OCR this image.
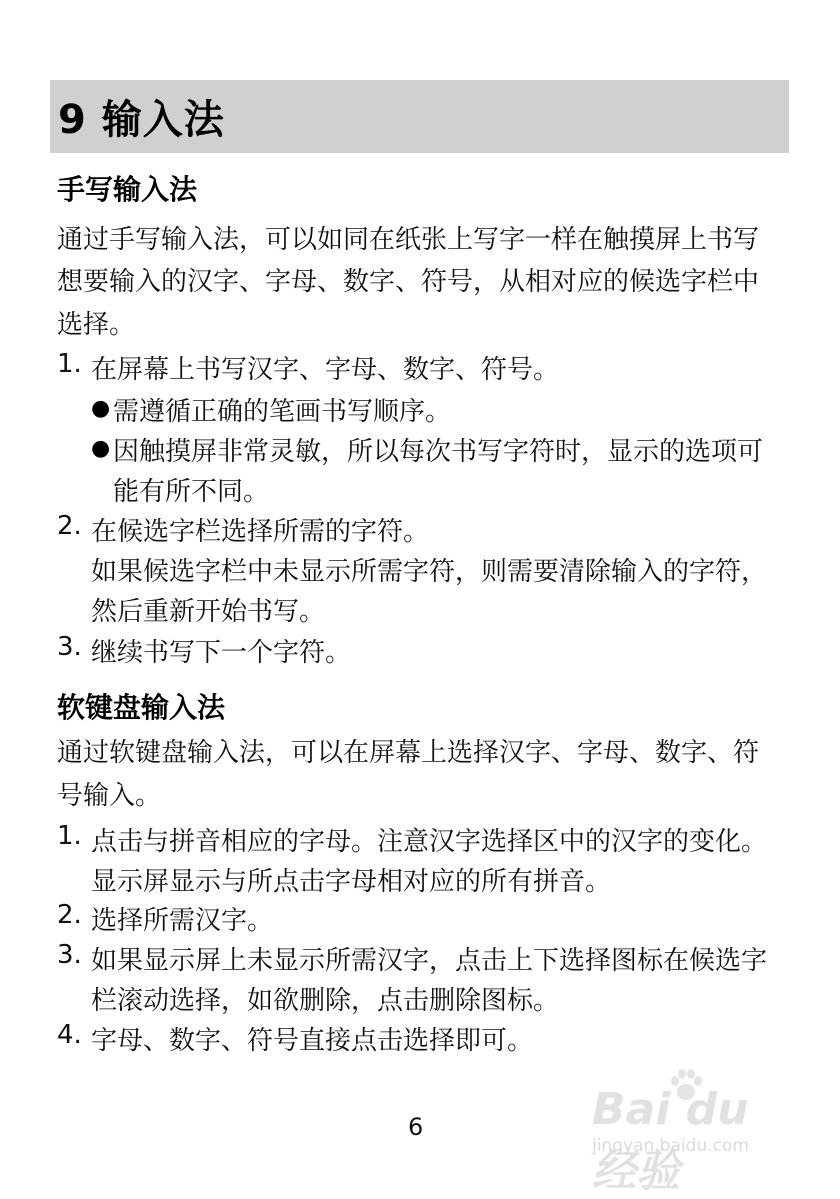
9 输入法
手写输入法
通过手写输入法，可以如同在纸张上写字一样在触摸屏上书写
想要输入的汉字、字母、数字、符号，从相对应的候选字栏中
选择。
1. 在屏幕上书写汉字、字母、数字、符号。
● 需遵循正确的笔画书写顺序。
● 因触摸屏非常灵敏，所以每次书写字符时，显示的选项可
能有所不同。
2. 在候选字栏选择所需的字符。
如果候选字栏中未显示所需字符，则需要清除输入的字符，
然后重新开始书写。
3. 继续书写下一个字符。
软键盘输入法
通过软键盘输入法，可以在屏幕上选择汉字、字母、数字、符
号输入。
1. 点击与拼音相应的字母。注意汉字选择区中的汉字的变化。
显示屏显示与所点击字母相对应的所有拼音。
2. 选择所需汉字。
3. 如果显示屏上未显示所需汉字，点击上下选择图标在候选字
栏滚动选择，如欲删除，点击删除图标。
4. 字母、数字、符号直接点击选择即可。
6	Bai du 经验
jingyan.baidu.com
